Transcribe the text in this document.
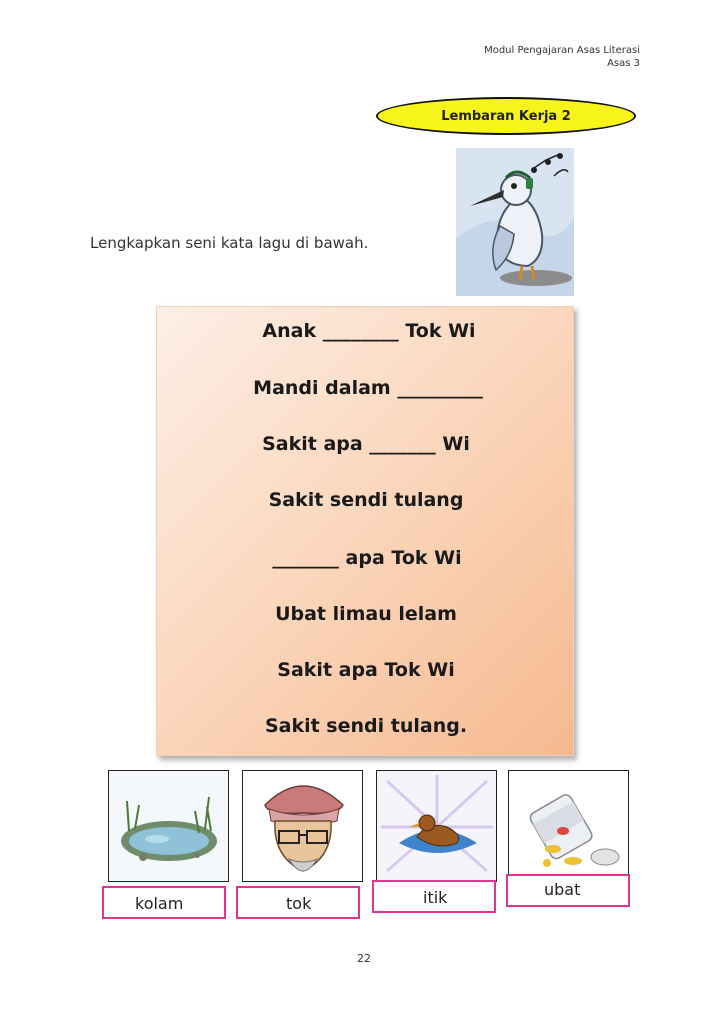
Modul Pengajaran Asas Literasi
Asas 3
Lembaran Kerja 2
Lengkapkan seni kata lagu di bawah.
Anak ________ Tok Wi
Mandi dalam _________
Sakit apa _______ Wi
Sakit sendi tulang
_______ apa Tok Wi
Ubat limau lelam
Sakit apa Tok Wi
Sakit sendi tulang.
kolam	tok	itik	ubat
22
